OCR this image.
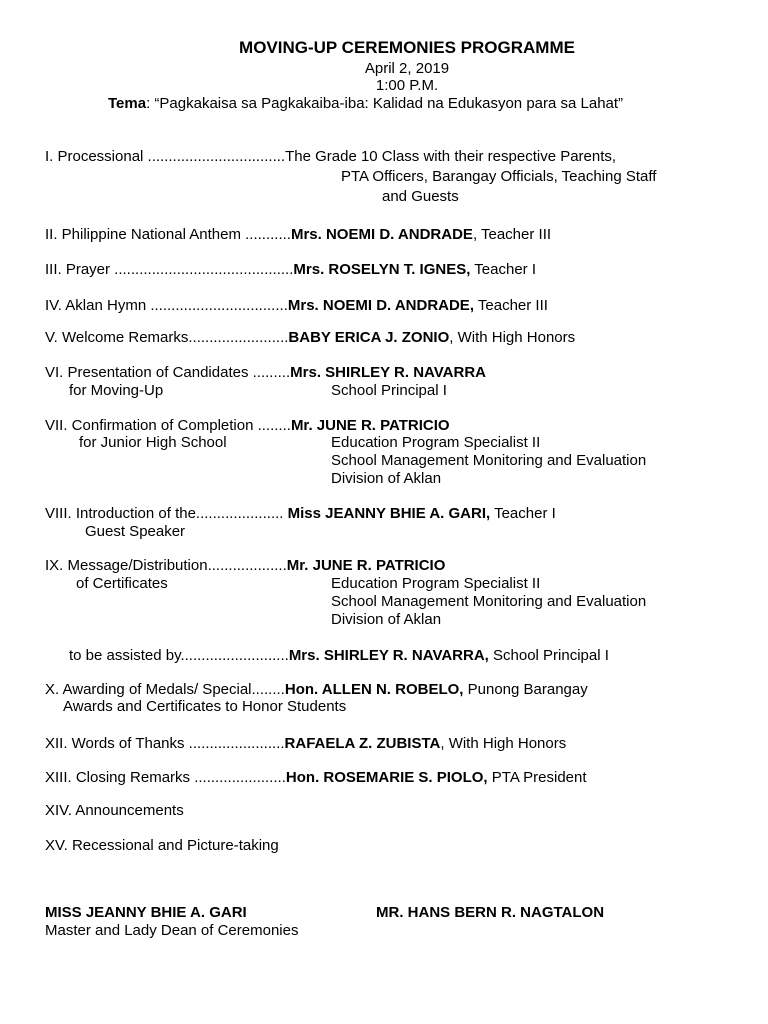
MOVING-UP CEREMONIES PROGRAMME
April 2, 2019
1:00 P.M.
Tema: “Pagkakaisa sa Pagkakaiba-iba: Kalidad na Edukasyon para sa Lahat”
I. Processional .................................The Grade 10 Class with their respective Parents,
PTA Officers, Barangay Officials, Teaching Staff
and Guests
II. Philippine National Anthem ...........Mrs. NOEMI D. ANDRADE, Teacher III
III. Prayer ...........................................Mrs. ROSELYN T. IGNES, Teacher I
IV. Aklan Hymn .................................Mrs. NOEMI D. ANDRADE, Teacher III
V. Welcome Remarks........................BABY ERICA J. ZONIO, With High Honors
VI. Presentation of Candidates .........Mrs. SHIRLEY R. NAVARRA
for Moving-Up	School Principal I
VII. Confirmation of Completion ........Mr. JUNE R. PATRICIO
for Junior High School	Education Program Specialist II
School Management Monitoring and Evaluation
Division of Aklan
VIII. Introduction of the..................... Miss JEANNY BHIE A. GARI, Teacher I
Guest Speaker
IX. Message/Distribution...................Mr. JUNE R. PATRICIO
of Certificates	Education Program Specialist II
School Management Monitoring and Evaluation
Division of Aklan
to be assisted by..........................Mrs. SHIRLEY R. NAVARRA, School Principal I
X. Awarding of Medals/ Special........Hon. ALLEN N. ROBELO, Punong Barangay
Awards and Certificates to Honor Students
XII. Words of Thanks .......................RAFAELA Z. ZUBISTA, With High Honors
XIII. Closing Remarks ......................Hon. ROSEMARIE S. PIOLO, PTA President
XIV. Announcements
XV. Recessional and Picture-taking
MISS JEANNY BHIE A. GARI	MR. HANS BERN R. NAGTALON
Master and Lady Dean of Ceremonies
